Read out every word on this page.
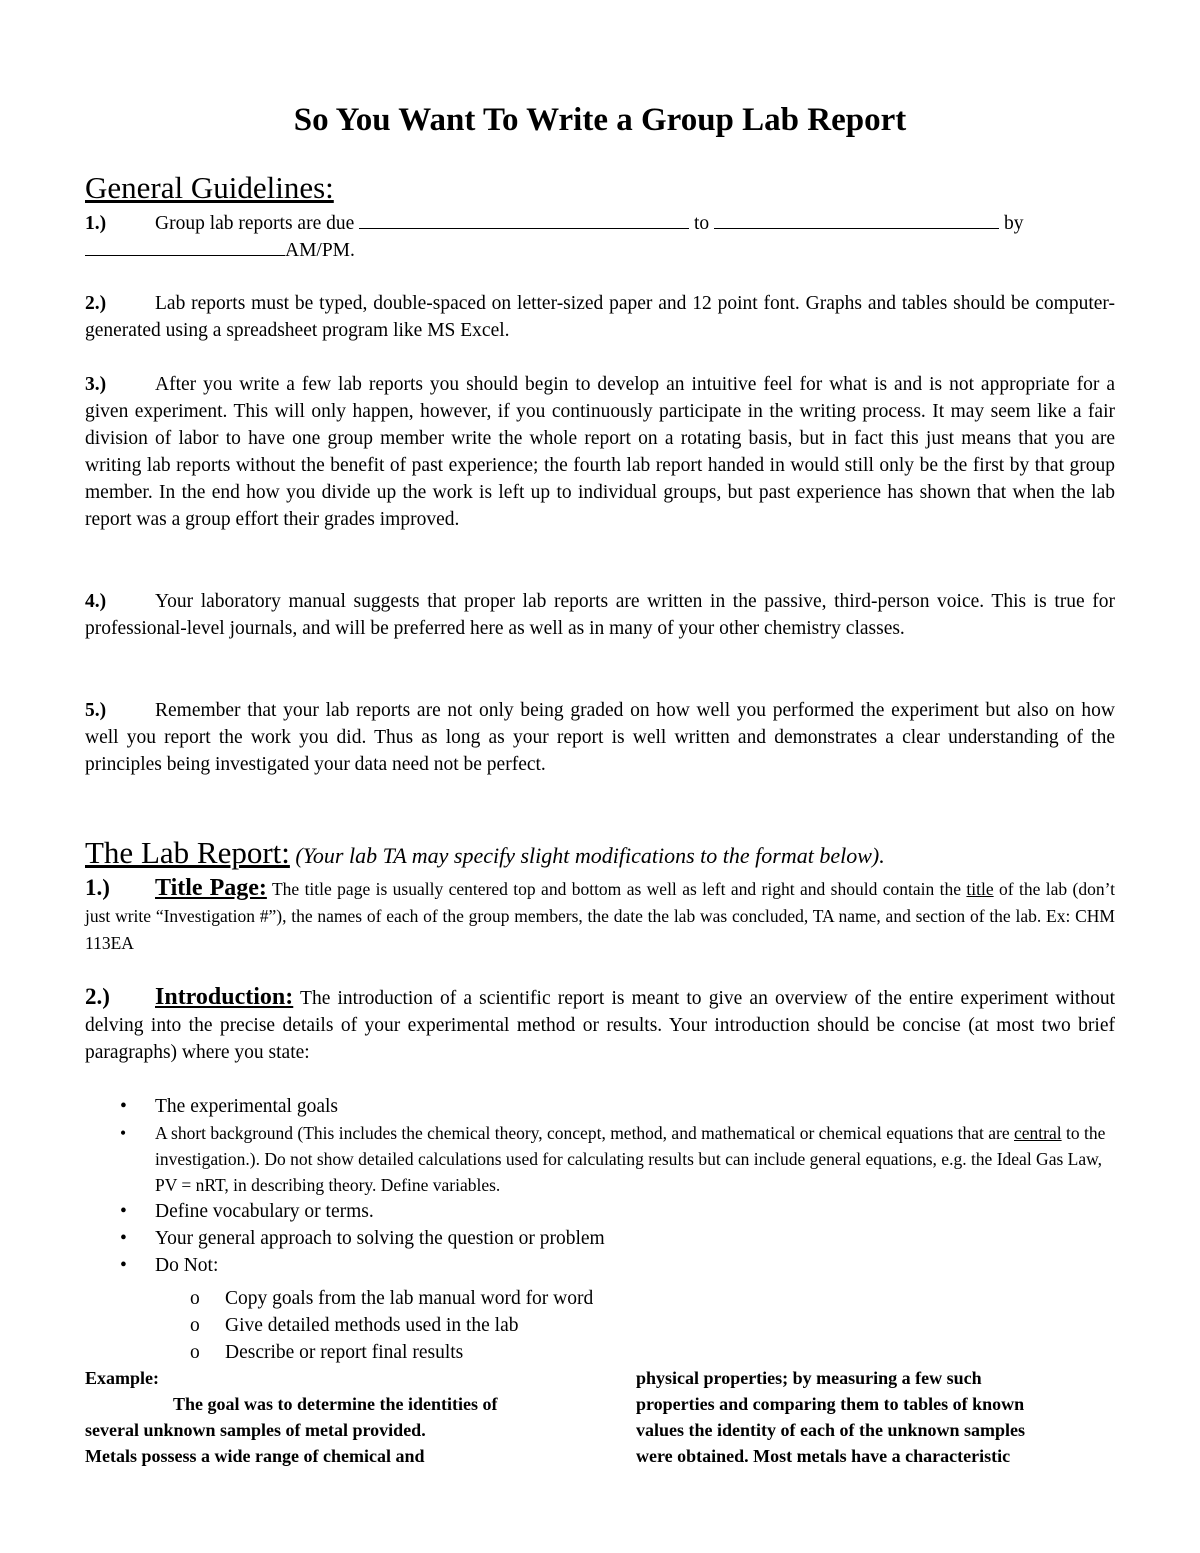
So You Want To Write a Group Lab Report
General Guidelines:
1.)	Group lab reports are due	to	by
AM/PM.
2.)	Lab reports must be typed, double-spaced on letter-sized paper and 12 point font. Graphs and tables should be computer-generated using a spreadsheet program like MS Excel.
3.)	After you write a few lab reports you should begin to develop an intuitive feel for what is and is not appropriate for a given experiment. This will only happen, however, if you continuously participate in the writing process. It may seem like a fair division of labor to have one group member write the whole report on a rotating basis, but in fact this just means that you are writing lab reports without the benefit of past experience; the fourth lab report handed in would still only be the first by that group member. In the end how you divide up the work is left up to individual groups, but past experience has shown that when the lab report was a group effort their grades improved.
4.)	Your laboratory manual suggests that proper lab reports are written in the passive, third-person voice. This is true for professional-level journals, and will be preferred here as well as in many of your other chemistry classes.
5.)	Remember that your lab reports are not only being graded on how well you performed the experiment but also on how well you report the work you did. Thus as long as your report is well written and demonstrates a clear understanding of the principles being investigated your data need not be perfect.
The Lab Report: (Your lab TA may specify slight modifications to the format below).
1.) Title Page: The title page is usually centered top and bottom as well as left and right and should contain the title of the lab (don’t just write “Investigation #”), the names of each of the group members, the date the lab was concluded, TA name, and section of the lab. Ex: CHM 113EA
2.) Introduction: The introduction of a scientific report is meant to give an overview of the entire experiment without delving into the precise details of your experimental method or results. Your introduction should be concise (at most two brief paragraphs) where you state:
• The experimental goals
• A short background (This includes the chemical theory, concept, method, and mathematical or chemical equations that are central to the investigation.). Do not show detailed calculations used for calculating results but can include general equations, e.g. the Ideal Gas Law, PV = nRT, in describing theory. Define variables.
• Define vocabulary or terms.
• Your general approach to solving the question or problem
• Do Not:
o Copy goals from the lab manual word for word
o Give detailed methods used in the lab
o Describe or report final results
Example:
The goal was to determine the identities of
several unknown samples of metal provided.
Metals possess a wide range of chemical and
physical properties; by measuring a few such
properties and comparing them to tables of known
values the identity of each of the unknown samples
were obtained. Most metals have a characteristic
